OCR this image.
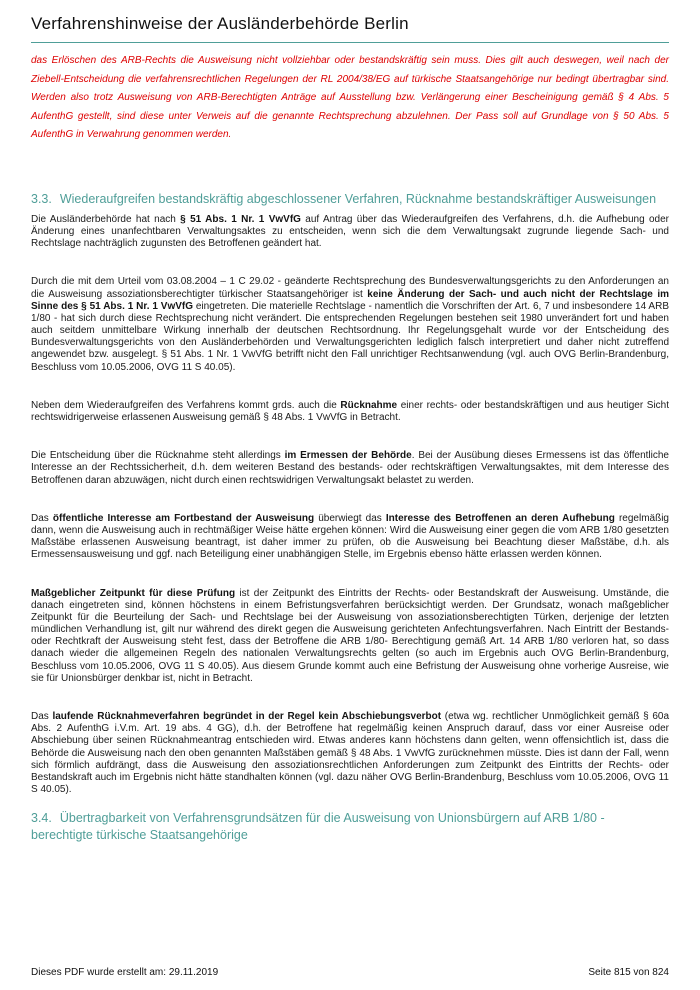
Verfahrenshinweise der Ausländerbehörde Berlin

das Erlöschen des ARB-Rechts die Ausweisung nicht vollziehbar oder bestandskräftig sein muss. Dies gilt auch deswegen, weil nach der Ziebell-Entscheidung die verfahrensrechtlichen Regelungen der RL 2004/38/EG auf türkische Staatsangehörige nur bedingt übertragbar sind. Werden also trotz Ausweisung von ARB-Berechtigten Anträge auf Ausstellung bzw. Verlängerung einer Bescheinigung gemäß § 4 Abs. 5 AufenthG gestellt, sind diese unter Verweis auf die genannte Rechtsprechung abzulehnen. Der Pass soll auf Grundlage von § 50 Abs. 5 AufenthG in Verwahrung genommen werden.

3.3. Wiederaufgreifen bestandskräftig abgeschlossener Verfahren, Rücknahme bestandskräftiger Ausweisungen

Die Ausländerbehörde hat nach § 51 Abs. 1 Nr. 1 VwVfG auf Antrag über das Wiederaufgreifen des Verfahrens, d.h. die Aufhebung oder Änderung eines unanfechtbaren Verwaltungsaktes zu entscheiden, wenn sich die dem Verwaltungsakt zugrunde liegende Sach- und Rechtslage nachträglich zugunsten des Betroffenen geändert hat.

Durch die mit dem Urteil vom 03.08.2004 – 1 C 29.02 - geänderte Rechtsprechung des Bundesverwaltungsgerichts zu den Anforderungen an die Ausweisung assoziationsberechtigter türkischer Staatsangehöriger ist keine Änderung der Sach- und auch nicht der Rechtslage im Sinne des § 51 Abs. 1 Nr. 1 VwVfG eingetreten. Die materielle Rechtslage - namentlich die Vorschriften der Art. 6, 7 und insbesondere 14 ARB 1/80 - hat sich durch diese Rechtsprechung nicht verändert. Die entsprechenden Regelungen bestehen seit 1980 unverändert fort und haben auch seitdem unmittelbare Wirkung innerhalb der deutschen Rechtsordnung. Ihr Regelungsgehalt wurde vor der Entscheidung des Bundesverwaltungsgerichts von den Ausländerbehörden und Verwaltungsgerichten lediglich falsch interpretiert und daher nicht zutreffend angewendet bzw. ausgelegt. § 51 Abs. 1 Nr. 1 VwVfG betrifft nicht den Fall unrichtiger Rechtsanwendung (vgl. auch OVG Berlin-Brandenburg, Beschluss vom 10.05.2006, OVG 11 S 40.05).

Neben dem Wiederaufgreifen des Verfahrens kommt grds. auch die Rücknahme einer rechts- oder bestandskräftigen und aus heutiger Sicht rechtswidrigerweise erlassenen Ausweisung gemäß § 48 Abs. 1 VwVfG in Betracht.

Die Entscheidung über die Rücknahme steht allerdings im Ermessen der Behörde. Bei der Ausübung dieses Ermessens ist das öffentliche Interesse an der Rechtssicherheit, d.h. dem weiteren Bestand des bestands- oder rechtskräftigen Verwaltungsaktes, mit dem Interesse des Betroffenen daran abzuwägen, nicht durch einen rechtswidrigen Verwaltungsakt belastet zu werden.

Das öffentliche Interesse am Fortbestand der Ausweisung überwiegt das Interesse des Betroffenen an deren Aufhebung regelmäßig dann, wenn die Ausweisung auch in rechtmäßiger Weise hätte ergehen können: Wird die Ausweisung einer gegen die vom ARB 1/80 gesetzten Maßstäbe erlassenen Ausweisung beantragt, ist daher immer zu prüfen, ob die Ausweisung bei Beachtung dieser Maßstäbe, d.h. als Ermessensausweisung und ggf. nach Beteiligung einer unabhängigen Stelle, im Ergebnis ebenso hätte erlassen werden können.

Maßgeblicher Zeitpunkt für diese Prüfung ist der Zeitpunkt des Eintritts der Rechts- oder Bestandskraft der Ausweisung. Umstände, die danach eingetreten sind, können höchstens in einem Befristungsverfahren berücksichtigt werden. Der Grundsatz, wonach maßgeblicher Zeitpunkt für die Beurteilung der Sach- und Rechtslage bei der Ausweisung von assoziationsberechtigten Türken, derjenige der letzten mündlichen Verhandlung ist, gilt nur während des direkt gegen die Ausweisung gerichteten Anfechtungsverfahren. Nach Eintritt der Bestands- oder Rechtkraft der Ausweisung steht fest, dass der Betroffene die ARB 1/80- Berechtigung gemäß Art. 14 ARB 1/80 verloren hat, so dass danach wieder die allgemeinen Regeln des nationalen Verwaltungsrechts gelten (so auch im Ergebnis auch OVG Berlin-Brandenburg, Beschluss vom 10.05.2006, OVG 11 S 40.05). Aus diesem Grunde kommt auch eine Befristung der Ausweisung ohne vorherige Ausreise, wie sie für Unionsbürger denkbar ist, nicht in Betracht.

Das laufende Rücknahmeverfahren begründet in der Regel kein Abschiebungsverbot (etwa wg. rechtlicher Unmöglichkeit gemäß § 60a Abs. 2 AufenthG i.V.m. Art. 19 abs. 4 GG), d.h. der Betroffene hat regelmäßig keinen Anspruch darauf, dass vor einer Ausreise oder Abschiebung über seinen Rücknahmeantrag entschieden wird. Etwas anderes kann höchstens dann gelten, wenn offensichtlich ist, dass die Behörde die Ausweisung nach den oben genannten Maßstäben gemäß § 48 Abs. 1 VwVfG zurücknehmen müsste. Dies ist dann der Fall, wenn sich förmlich aufdrängt, dass die Ausweisung den assoziationsrechtlichen Anforderungen zum Zeitpunkt des Eintritts der Rechts- oder Bestandskraft auch im Ergebnis nicht hätte standhalten können (vgl. dazu näher OVG Berlin-Brandenburg, Beschluss vom 10.05.2006, OVG 11 S 40.05).

3.4. Übertragbarkeit von Verfahrensgrundsätzen für die Ausweisung von Unionsbürgern auf ARB 1/80 - berechtigte türkische Staatsangehörige
Dieses PDF wurde erstellt am: 29.11.2019	Seite 815 von 824
